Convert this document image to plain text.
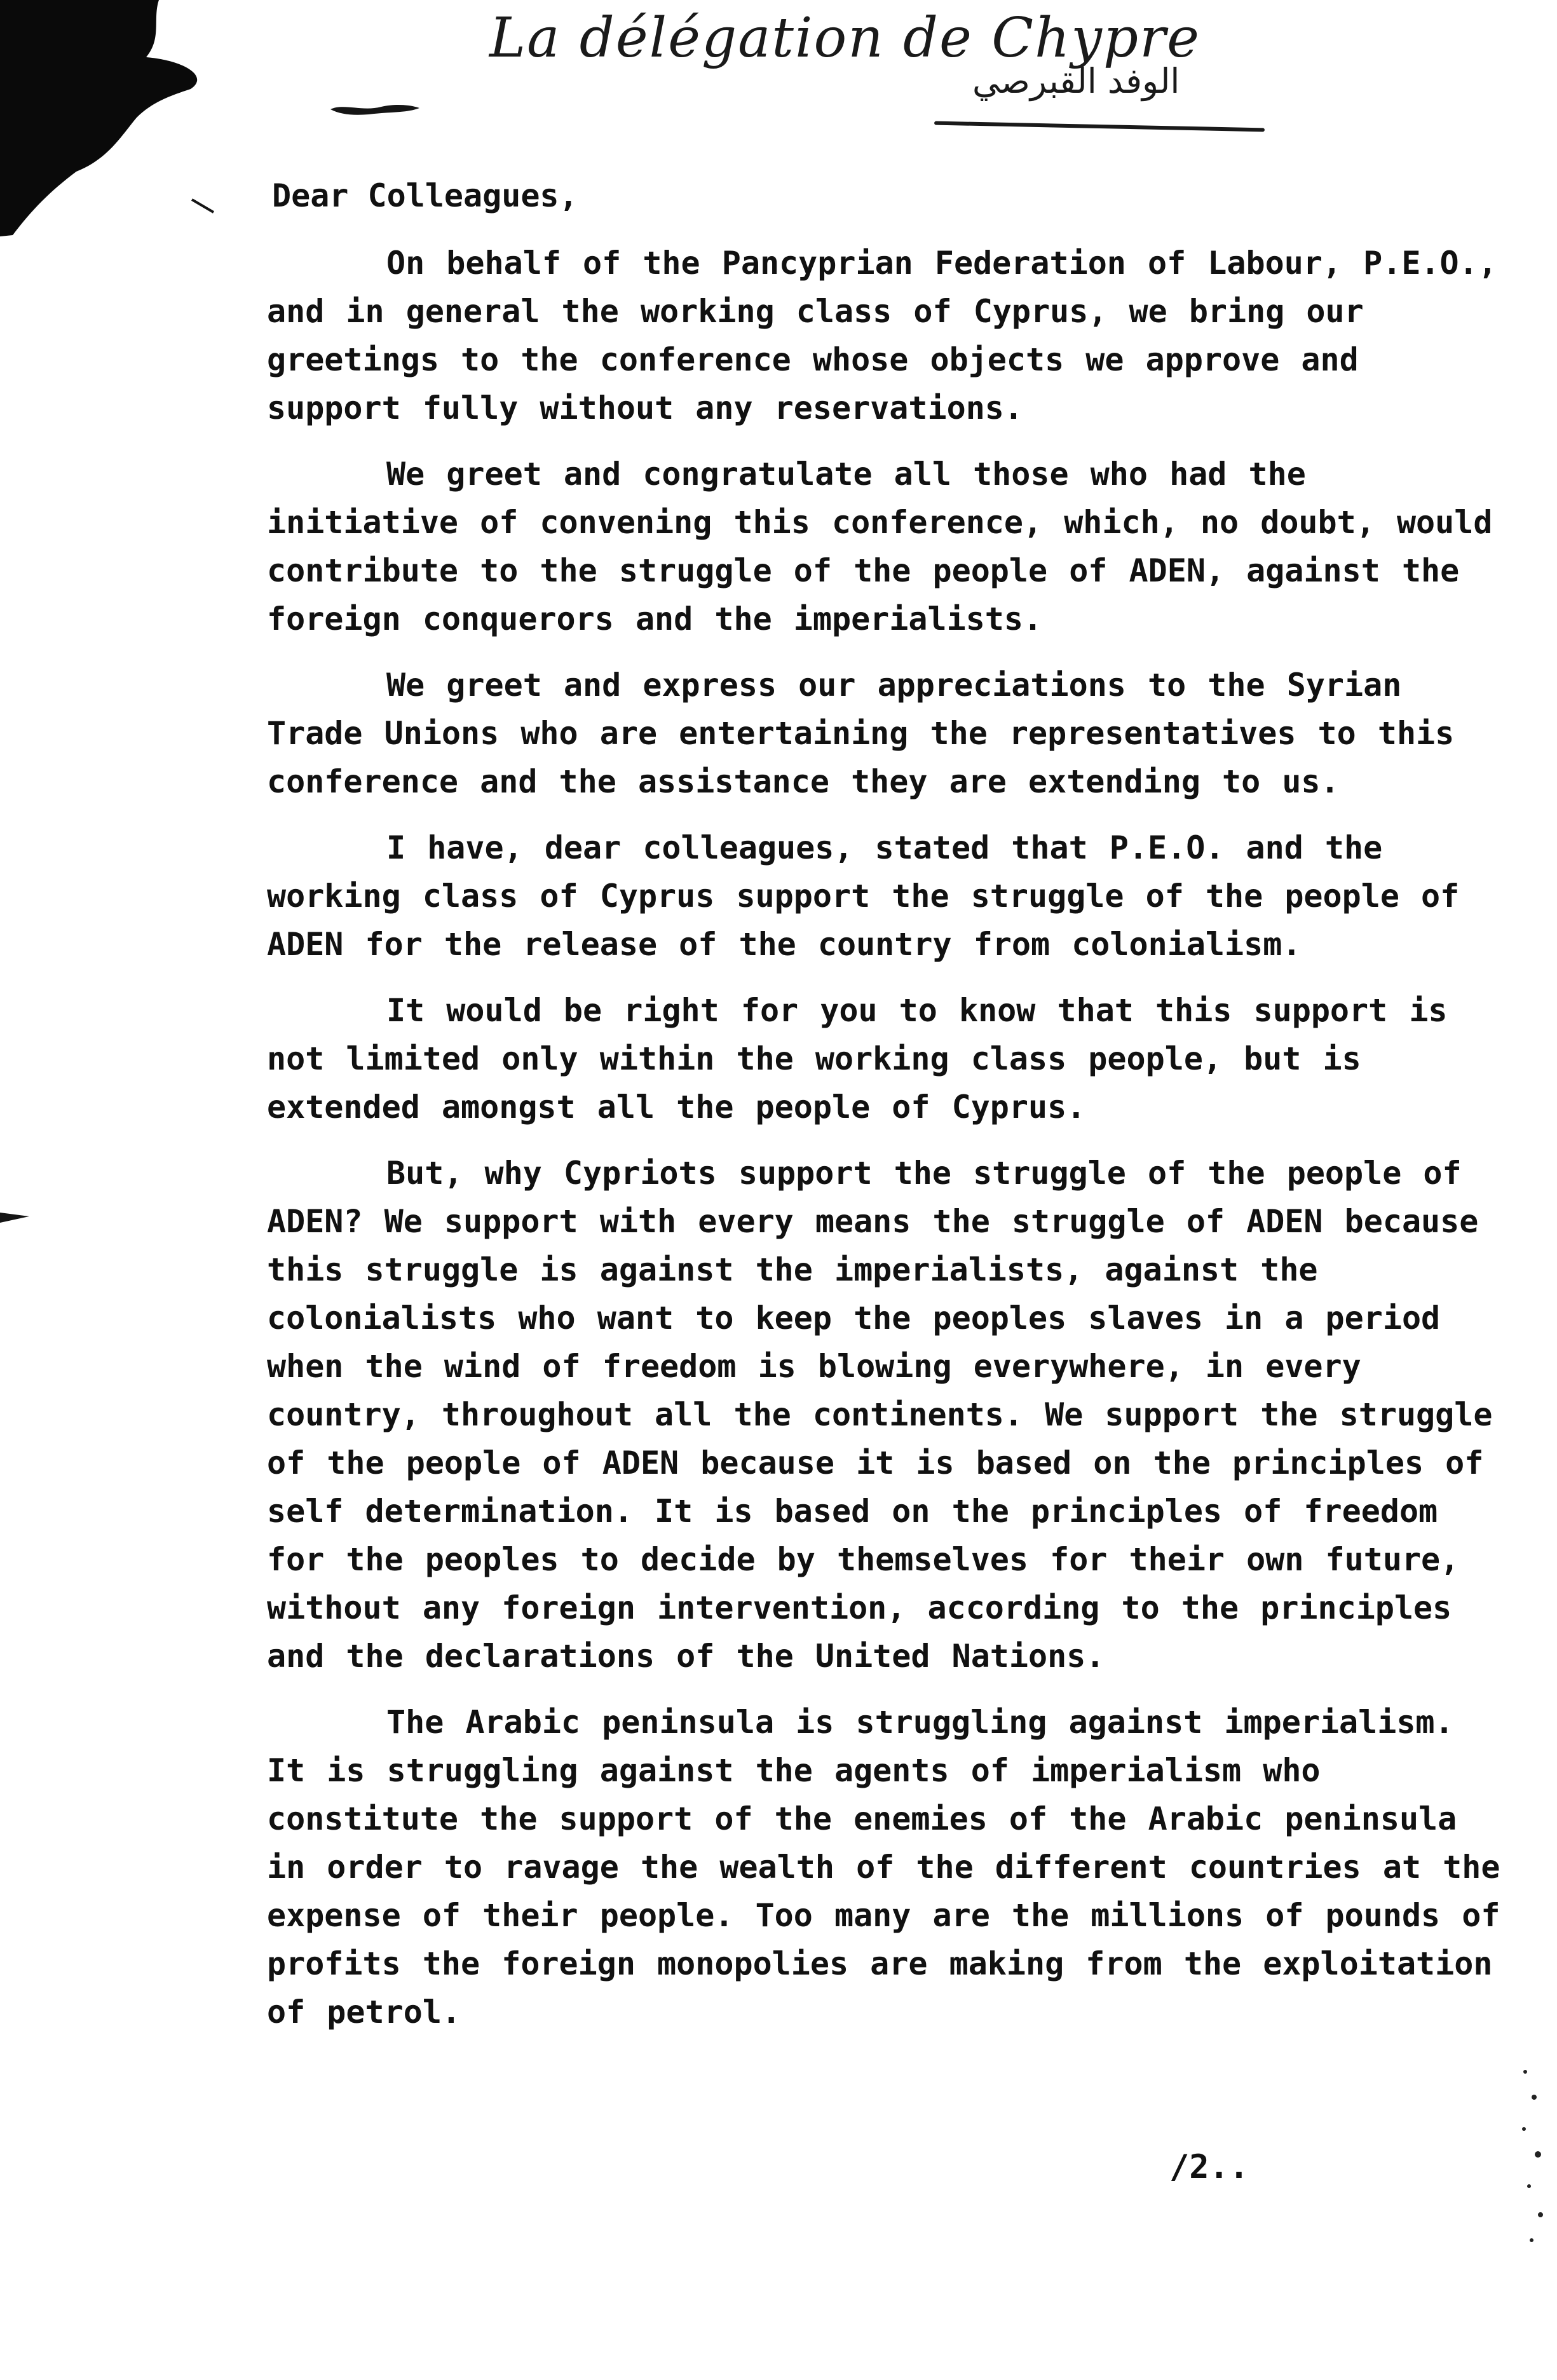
La délégation de Chypre
الوفد القبرصي
Dear Colleagues,

On behalf of the Pancyprian Federation of Labour, P.E.O., and in general the working class of Cyprus, we bring our greetings to the conference whose objects we approve and support fully without any reservations.

We greet and congratulate all those who had the initiative of convening this conference, which, no doubt, would contribute to the struggle of the people of ADEN, against the foreign conquerors and the imperialists.

We greet and express our appreciations to the Syrian Trade Unions who are entertaining the representatives to this conference and the assistance they are extending to us.

I have, dear colleagues, stated that P.E.O. and the working class of Cyprus support the struggle of the people of ADEN for the release of the country from colonialism.

It would be right for you to know that this support is not limited only within the working class people, but is extended amongst all the people of Cyprus.

But, why Cypriots support the struggle of the people of ADEN? We support with every means the struggle of ADEN because this struggle is against the imperialists, against the colonialists who want to keep the peoples slaves in a period when the wind of freedom is blowing everywhere, in every country, throughout all the continents. We support the struggle of the people of ADEN because it is based on the principles of self determination. It is based on the principles of freedom for the peoples to decide by themselves for their own future, without any foreign intervention, according to the principles and the declarations of the United Nations.

The Arabic peninsula is struggling against imperialism. It is struggling against the agents of imperialism who constitute the support of the enemies of the Arabic peninsula in order to ravage the wealth of the different countries at the expense of their people. Too many are the millions of pounds of profits the foreign monopolies are making from the exploitation of petrol.

/2..
